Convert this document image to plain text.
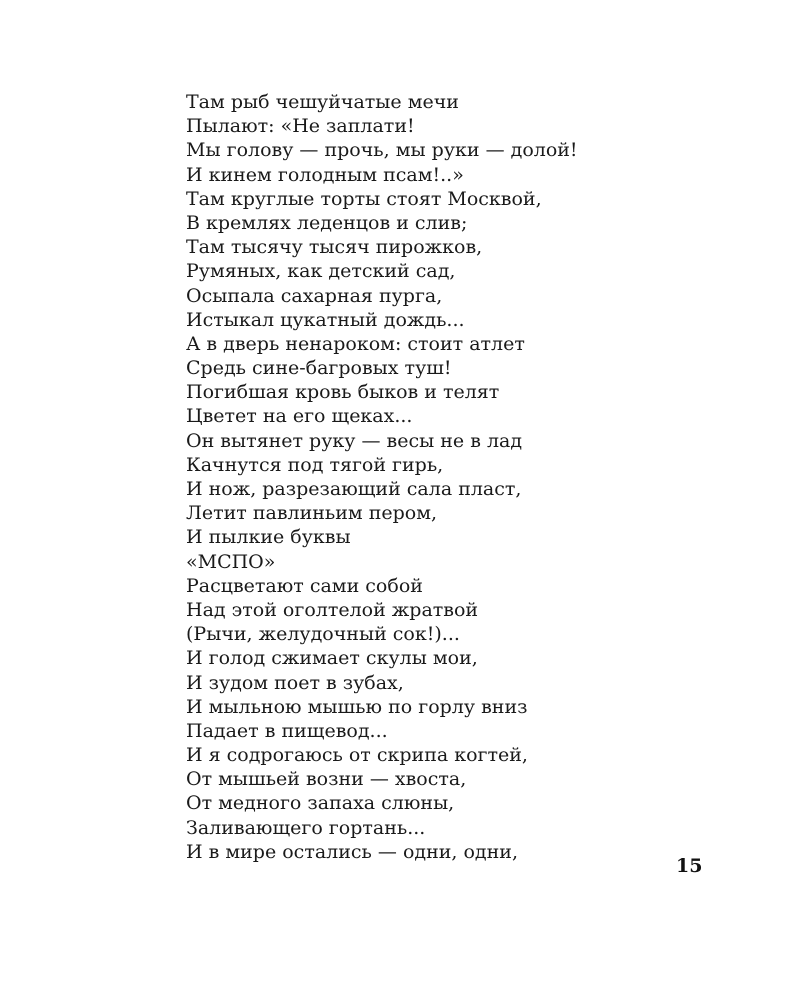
Там рыб чешуйчатые мечи
Пылают: «Не заплати!
Мы голову — прочь, мы руки — долой!
И кинем голодным псам!..»
Там круглые торты стоят Москвой,
В кремлях леденцов и слив;
Там тысячу тысяч пирожков,
Румяных, как детский сад,
Осыпала сахарная пурга,
Истыкал цукатный дождь...
А в дверь ненароком: стоит атлет
Средь сине-багровых туш!
Погибшая кровь быков и телят
Цветет на его щеках...
Он вытянет руку — весы не в лад
Качнутся под тягой гирь,
И нож, разрезающий сала пласт,
Летит павлиньим пером,
И пылкие буквы
«МСПО»
Расцветают сами собой
Над этой оголтелой жратвой
(Рычи, желудочный сок!)...
И голод сжимает скулы мои,
И зудом поет в зубах,
И мыльною мышью по горлу вниз
Падает в пищевод...
И я содрогаюсь от скрипа когтей,
От мышьей возни — хвоста,
От медного запаха слюны,
Заливающего гортань...
И в мире остались — одни, одни,
15
